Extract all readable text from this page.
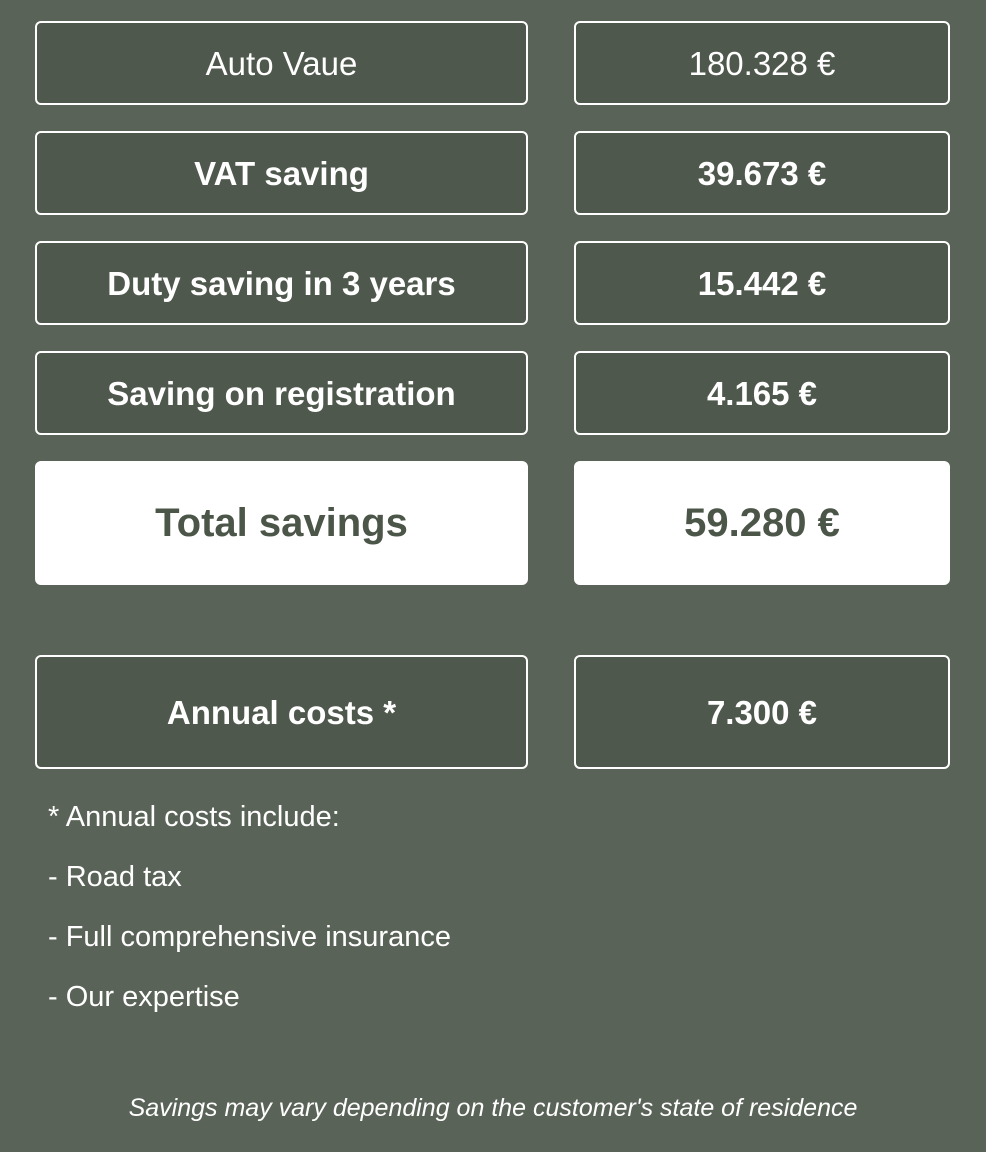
Auto Vaue	180.328 €
VAT saving	39.673 €
Duty saving in 3 years	15.442 €
Saving on registration	4.165 €
Total savings	59.280 €
Annual costs *	7.300 €
* Annual costs include:
- Road tax
- Full comprehensive insurance
- Our expertise
Savings may vary depending on the customer's state of residence
